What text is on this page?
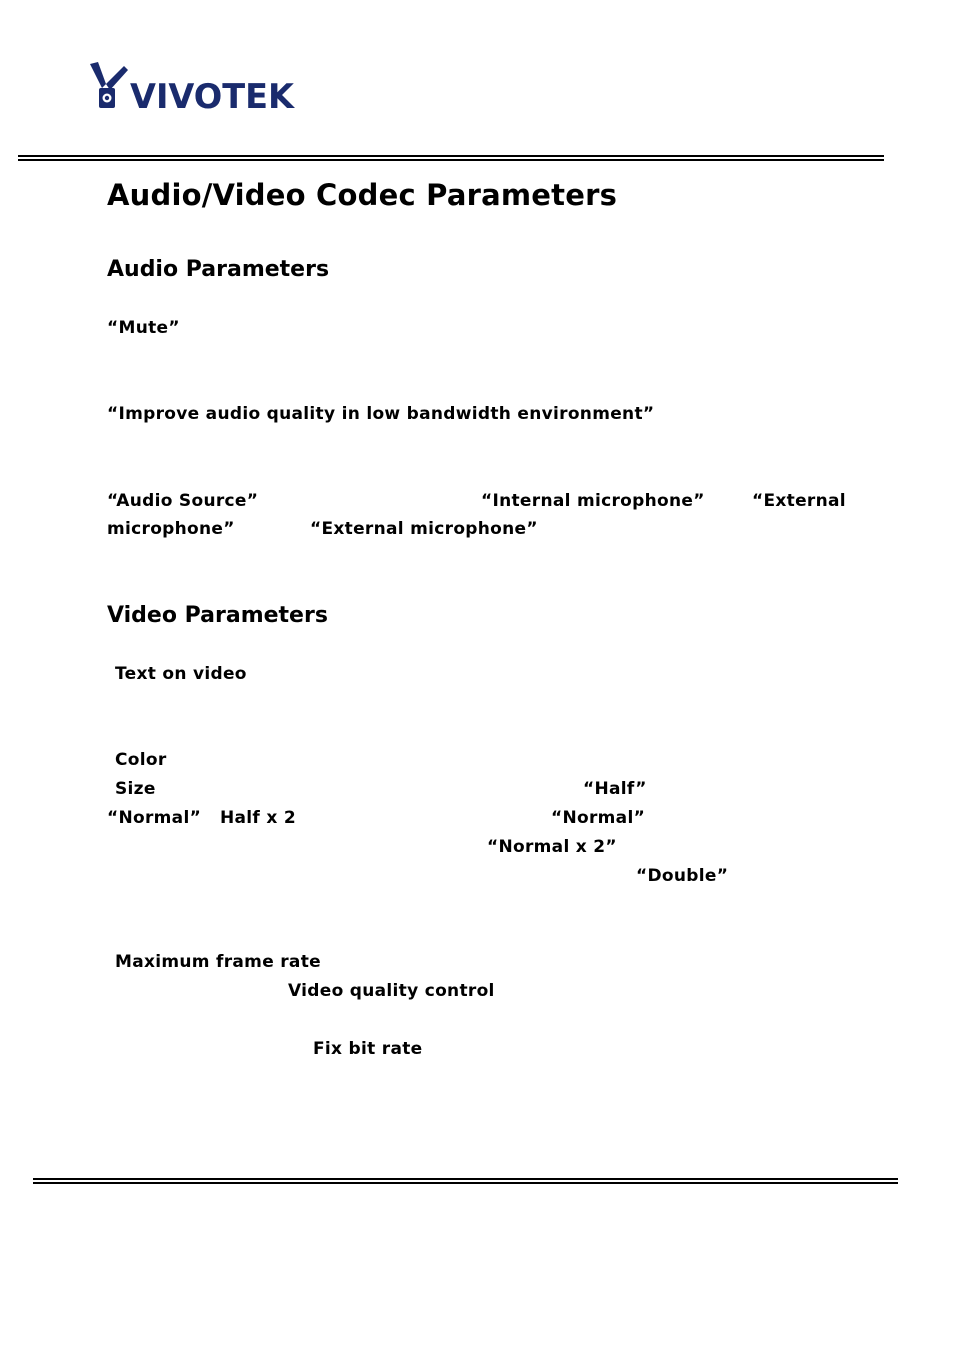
VIVOTEK
Audio/Video Codec Parameters
Audio Parameters
“Mute”
“Improve audio quality in low bandwidth environment”
“Audio Source”	“Internal microphone”	“External
microphone”	“External microphone”
Video Parameters
Text on video
Color
Size	“Half”
“Normal” Half x 2	“Normal”
“Normal x 2”
“Double”
Maximum frame rate
Video quality control
Fix bit rate
